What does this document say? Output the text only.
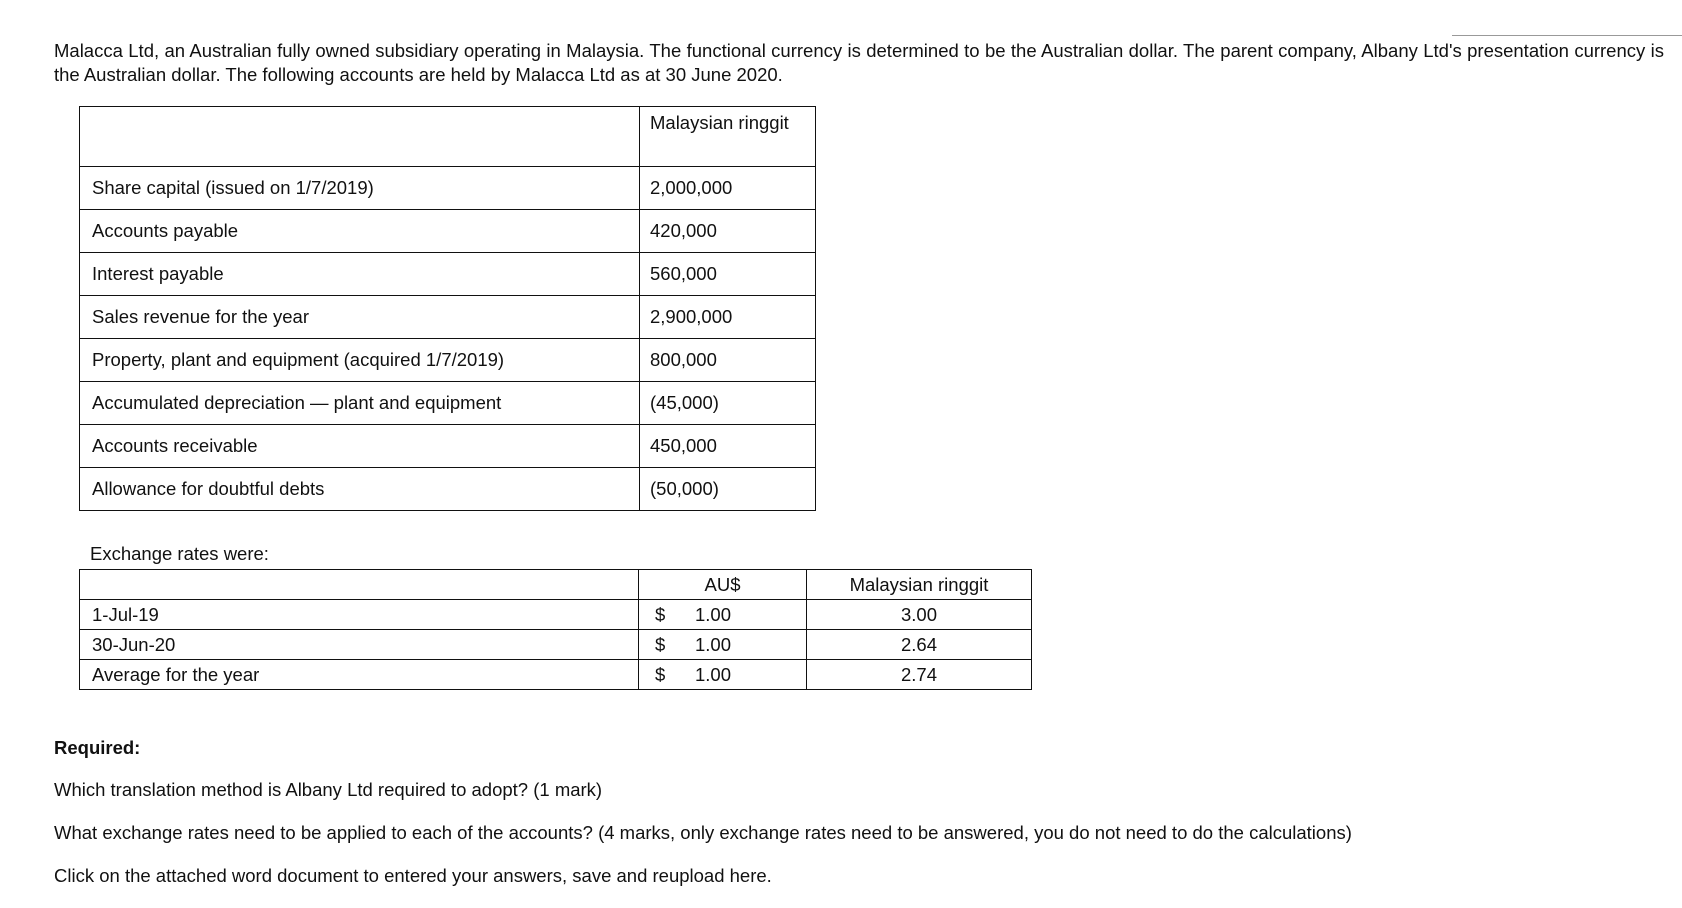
Malacca Ltd, an Australian fully owned subsidiary operating in Malaysia. The functional currency is determined to be the Australian dollar. The parent company, Albany Ltd's presentation currency is the Australian dollar. The following accounts are held by Malacca Ltd as at 30 June 2020.
	Malaysian ringgit
Share capital (issued on 1/7/2019)	2,000,000
Accounts payable	420,000
Interest payable	560,000
Sales revenue for the year	2,900,000
Property, plant and equipment (acquired 1/7/2019)	800,000
Accumulated depreciation — plant and equipment	(45,000)
Accounts receivable	450,000
Allowance for doubtful debts	(50,000)
Exchange rates were:
	AU$	Malaysian ringgit
1-Jul-19	$ 1.00	3.00
30-Jun-20	$ 1.00	2.64
Average for the year	$ 1.00	2.74
Required:
Which translation method is Albany Ltd required to adopt? (1 mark)
What exchange rates need to be applied to each of the accounts? (4 marks, only exchange rates need to be answered, you do not need to do the calculations)
Click on the attached word document to entered your answers, save and reupload here.
